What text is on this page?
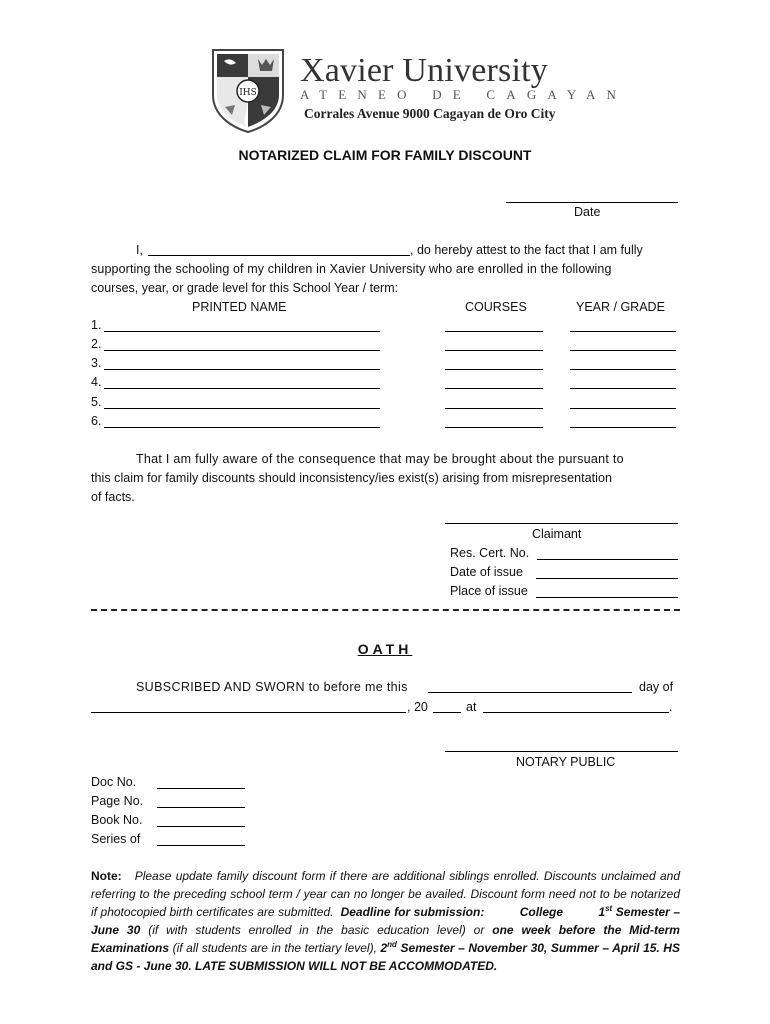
IHS
Xavier University
ATENEO DE CAGAYAN
Corrales Avenue 9000 Cagayan de Oro City
NOTARIZED CLAIM FOR FAMILY DISCOUNT
Date
I,	, do hereby attest to the fact that I am fully
supporting the schooling of my children in Xavier University who are enrolled in the following
courses, year, or grade level for this School Year / term:
PRINTED NAME	COURSES	YEAR / GRADE
1.
2.
3.
4.
5.
6.
That I am fully aware of the consequence that may be brought about the pursuant to
this claim for family discounts should inconsistency/ies exist(s) arising from misrepresentation
of facts.
Claimant
Res. Cert. No.
Date of issue
Place of issue
OATH
SUBSCRIBED AND SWORN to before me this	day of
, 20	at	.
NOTARY PUBLIC
Doc No.
Page No.
Book No.
Series of
Note: Please update family discount form if there are additional siblings enrolled. Discounts unclaimed and referring to the preceding school term / year can no longer be availed. Discount form need not to be notarized if photocopied birth certificates are submitted. Deadline for submission:	College	1st Semester – June 30 (if with students enrolled in the basic education level) or one week before the Mid-term Examinations (if all students are in the tertiary level), 2nd Semester – November 30, Summer – April 15. HS and GS - June 30. LATE SUBMISSION WILL NOT BE ACCOMMODATED.
